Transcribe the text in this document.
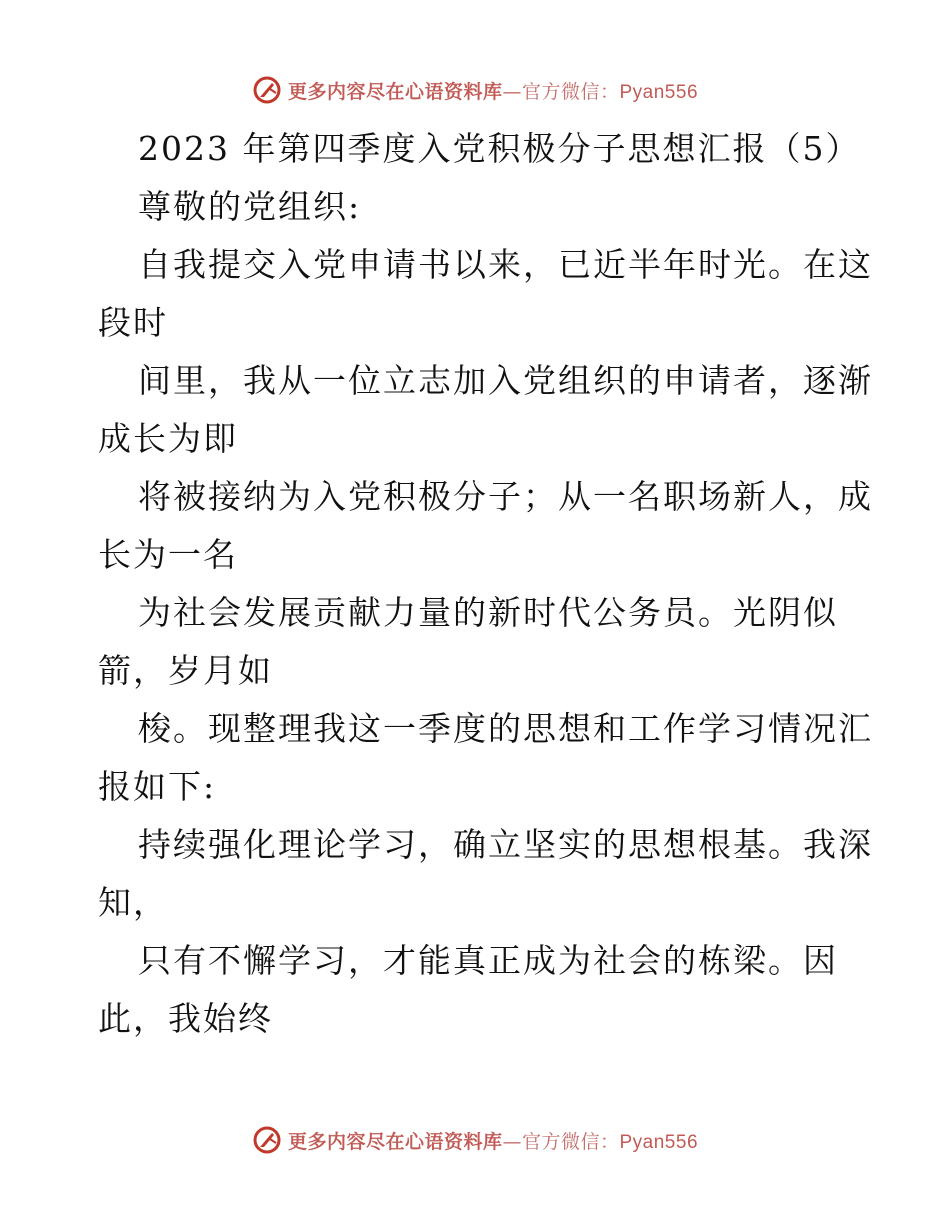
更多内容尽在心语资料库—官方微信：Pyan556
2023 年第四季度入党积极分子思想汇报（5）
尊敬的党组织:
自我提交入党申请书以来，已近半年时光。在这
段时
间里，我从一位立志加入党组织的申请者，逐渐
成长为即
将被接纳为入党积极分子；从一名职场新人，成
长为一名
为社会发展贡献力量的新时代公务员。光阴似
箭，岁月如
梭。现整理我这一季度的思想和工作学习情况汇
报如下:
持续强化理论学习，确立坚实的思想根基。我深
知，
只有不懈学习，才能真正成为社会的栋梁。因
此，我始终
更多内容尽在心语资料库—官方微信：Pyan556
